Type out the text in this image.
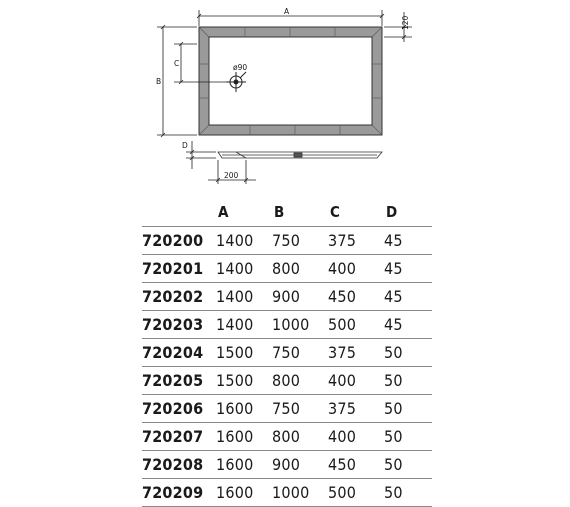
ø90
A
120
B
C
D
200
	A	B	C	D
720200	1400	750	375	45
720201	1400	800	400	45
720202	1400	900	450	45
720203	1400	1000	500	45
720204	1500	750	375	50
720205	1500	800	400	50
720206	1600	750	375	50
720207	1600	800	400	50
720208	1600	900	450	50
720209	1600	1000	500	50
